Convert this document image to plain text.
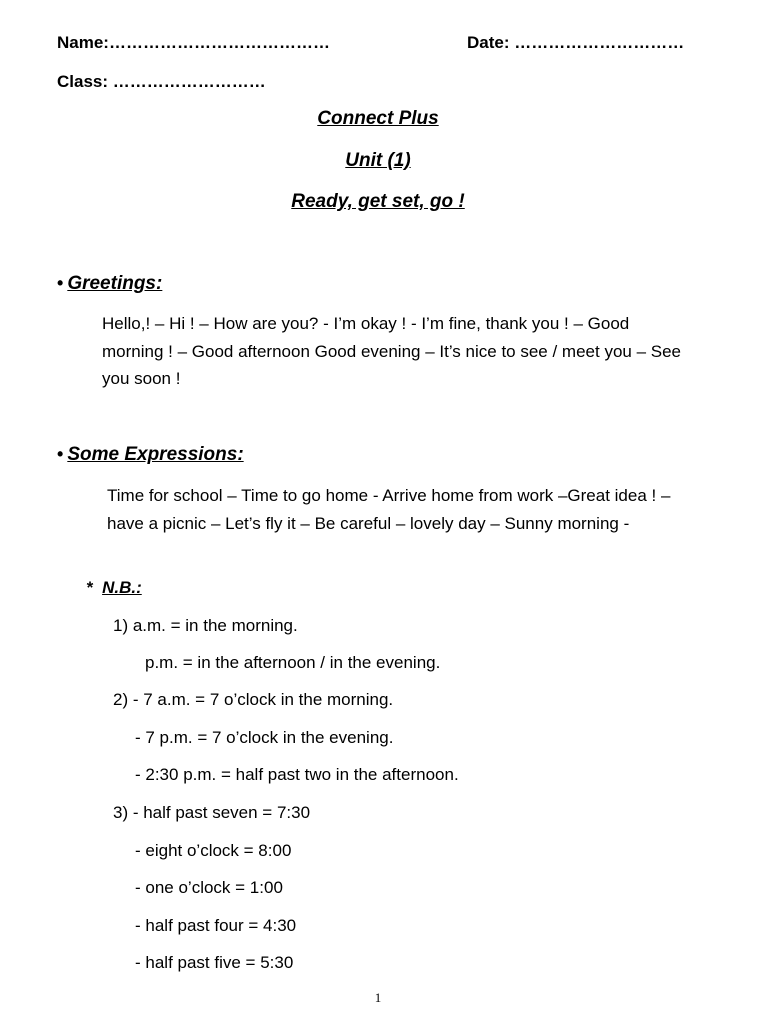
Name:…………………………………	Date: …………………………
Class: ………………………
Connect Plus
Unit (1)
Ready, get set, go !
• Greetings:
Hello,! – Hi ! – How are you? - I’m okay ! - I’m fine, thank you ! – Good morning ! – Good afternoon Good evening – It’s nice to see / meet you – See you soon !
• Some Expressions:
Time for school – Time to go home - Arrive home from work –Great idea ! – have a picnic – Let’s fly it – Be careful – lovely day – Sunny morning -
* N.B.:
1) a.m. = in the morning.
p.m. = in the afternoon / in the evening.
2) - 7 a.m. = 7 o’clock in the morning.
- 7 p.m. = 7 o’clock in the evening.
- 2:30 p.m. = half past two in the afternoon.
3) - half past seven = 7:30
- eight o’clock = 8:00
- one o’clock = 1:00
- half past four = 4:30
- half past five = 5:30
1
